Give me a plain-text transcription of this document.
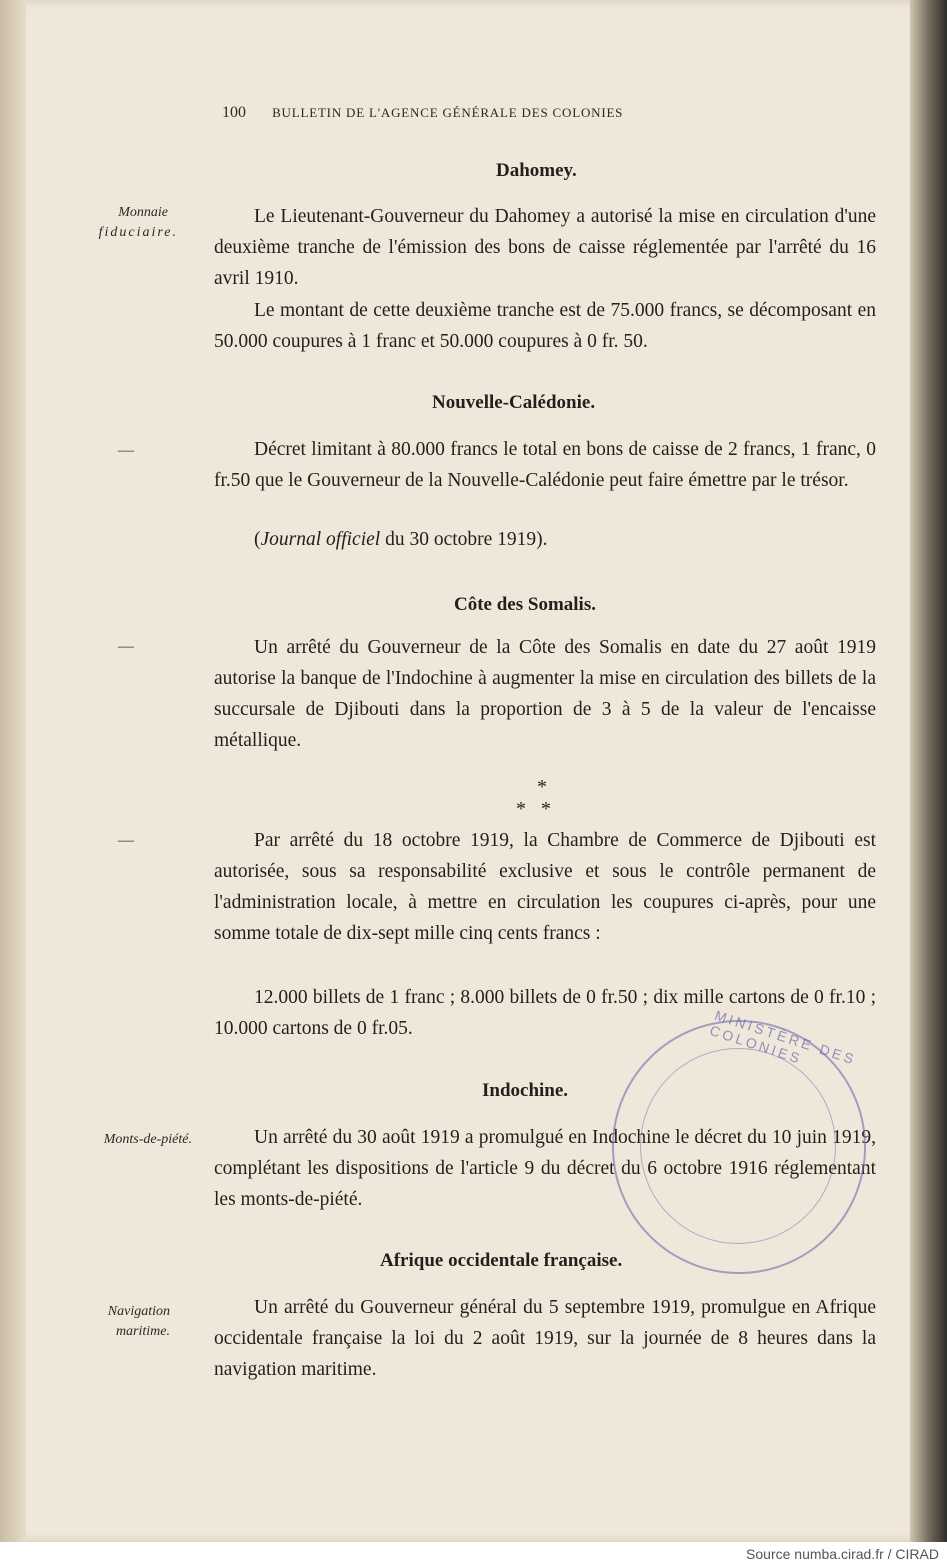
Source numba.cirad.fr / CIRAD
100 BULLETIN DE L'AGENCE GÉNÉRALE DES COLONIES
Dahomey.
Monnaie
fiduciaire.
Le Lieutenant-Gouverneur du Dahomey a autorisé la mise en circulation d'une deuxième tranche de l'émission des bons de caisse réglementée par l'arrêté du 16 avril 1910.
Le montant de cette deuxième tranche est de 75.000 francs, se décomposant en 50.000 coupures à 1 franc et 50.000 coupures à 0 fr. 50.
Nouvelle-Calédonie.
—	Décret limitant à 80.000 francs le total en bons de caisse de 2 francs, 1 franc, 0 fr.50 que le Gouverneur de la Nouvelle-Calédonie peut faire émettre par le trésor.
(Journal officiel du 30 octobre 1919).
Côte des Somalis.
—	Un arrêté du Gouverneur de la Côte des Somalis en date du 27 août 1919 autorise la banque de l'Indochine à augmenter la mise en circulation des billets de la succursale de Djibouti dans la proportion de 3 à 5 de la valeur de l'encaisse métallique.
*
*   *
—	Par arrêté du 18 octobre 1919, la Chambre de Commerce de Djibouti est autorisée, sous sa responsabilité exclusive et sous le contrôle permanent de l'administration locale, à mettre en circulation les coupures ci-après, pour une somme totale de dix-sept mille cinq cents francs :
12.000 billets de 1 franc ; 8.000 billets de 0 fr.50 ; dix mille cartons de 0 fr.10 ; 10.000 cartons de 0 fr.05.
Indochine.
Monts-de-piété.	Un arrêté du 30 août 1919 a promulgué en Indochine le décret du 10 juin 1919, complétant les dispositions de l'article 9 du décret du 6 octobre 1916 réglementant les monts-de-piété.
Afrique occidentale française.
Navigation
maritime.
Un arrêté du Gouverneur général du 5 septembre 1919, promulgue en Afrique occidentale française la loi du 2 août 1919, sur la journée de 8 heures dans la navigation maritime.
MINISTÈRE DES COLONIES
